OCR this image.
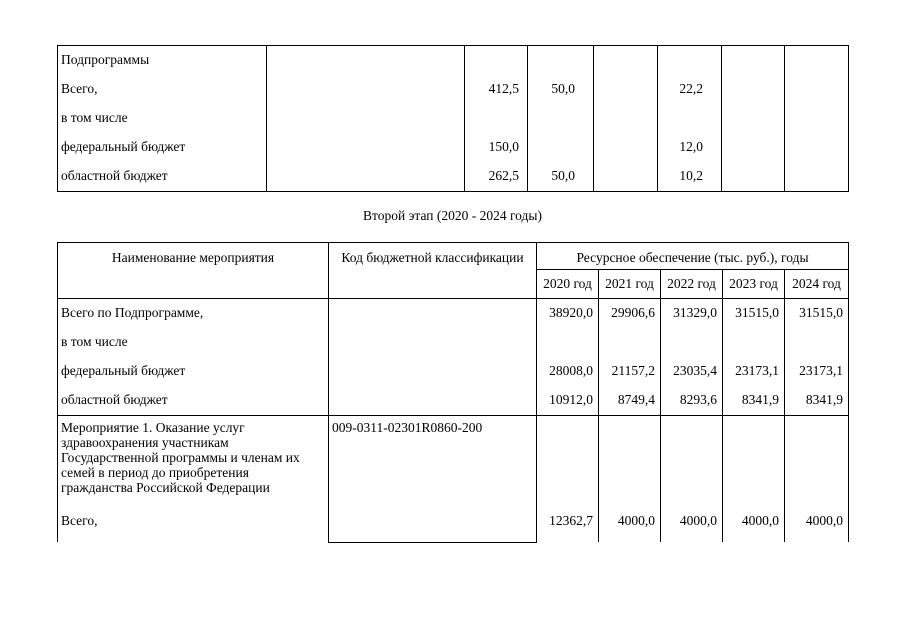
Подпрограммы							
Всего,		412,5	50,0		22,2		
в том числе							
федеральный бюджет		150,0			12,0		
областной бюджет		262,5	50,0		10,2		
Второй этап (2020 - 2024 годы)
Наименование мероприятия	Код бюджетной классификации	Ресурсное обеспечение (тыс. руб.), годы				
		2020 год	2021 год	2022 год	2023 год	2024 год
Всего по Подпрограмме,		38920,0	29906,6	31329,0	31515,0	31515,0
в том числе						
федеральный бюджет		28008,0	21157,2	23035,4	23173,1	23173,1
областной бюджет		10912,0	8749,4	8293,6	8341,9	8341,9
Мероприятие 1. Оказание услуг здравоохранения участникам Государственной программы и членам их семей в период до приобретения гражданства Российской Федерации	009-0311-02301R0860-200					
Всего,		12362,7	4000,0	4000,0	4000,0	4000,0
